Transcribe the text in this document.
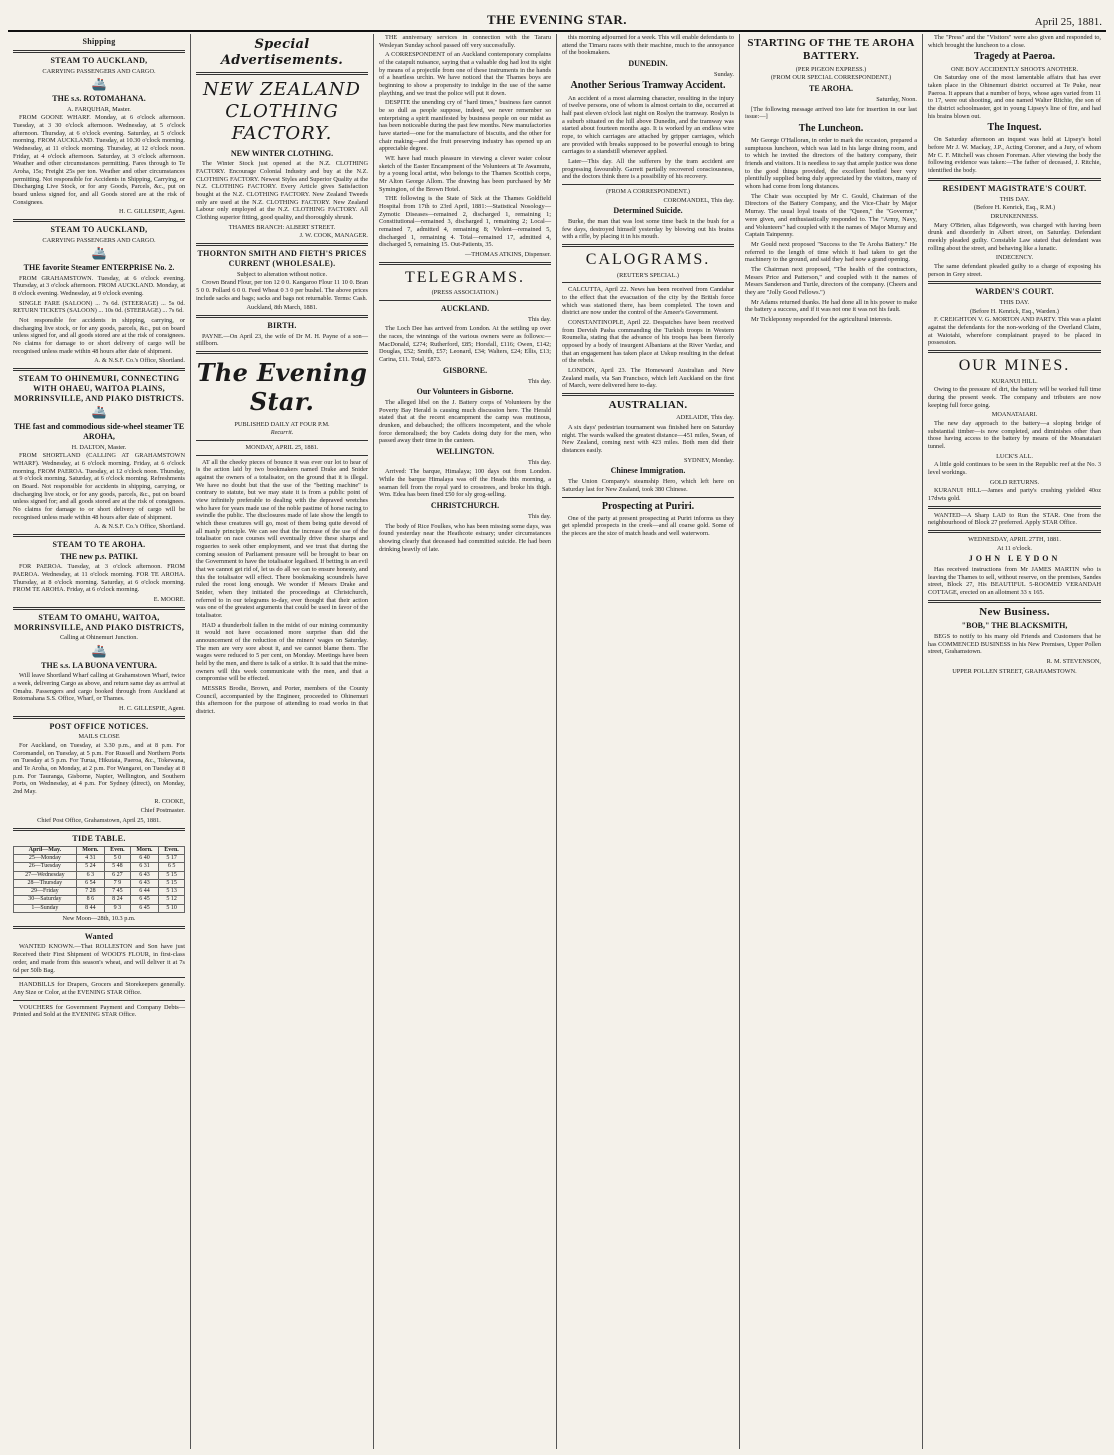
THE EVENING STAR.	April 25, 1881.
Shipping
STEAM TO AUCKLAND,
CARRYING PASSENGERS AND CARGO.
🚢
THE s.s. ROTOMAHANA.
A. FARQUHAR, Master.

FROM GOONE WHARF. Monday, at 6 o'clock afternoon. Tuesday, at 3 30 o'clock afternoon. Wednesday, at 5 o'clock afternoon. Thursday, at 6 o'clock evening. Saturday, at 5 o'clock morning. FROM AUCKLAND. Tuesday, at 10.30 o'clock morning. Wednesday, at 11 o'clock morning. Thursday, at 12 o'clock noon. Friday, at 4 o'clock afternoon. Saturday, at 3 o'clock afternoon. Weather and other circumstances permitting. Fares through to Te Aroha, 15s; Freight 25s per ton. Weather and other circumstances permitting. Not responsible for Accidents in Shipping, Carrying, or Discharging Live Stock, or for any Goods, Parcels, &c., put on board unless signed for, and all Goods stored are at the risk of Consignees.

H. C. GILLESPIE, Agent.
STEAM TO AUCKLAND,
CARRYING PASSENGERS AND CARGO.
🚢
THE favorite Steamer ENTERPRISE No. 2.

FROM GRAHAMSTOWN. Tuesday, at 6 o'clock evening. Thursday, at 3 o'clock afternoon. FROM AUCKLAND. Monday, at 8 o'clock evening. Wednesday, at 9 o'clock evening.

SINGLE FARE (SALOON) ... 7s 6d. (STEERAGE) ... 5s 0d. RETURN TICKETS (SALOON) ... 10s 0d. (STEERAGE) ... 7s 6d.

Not responsible for accidents in shipping, carrying, or discharging live stock, or for any goods, parcels, &c., put on board unless signed for, and all goods stored are at the risk of consignees. No claims for damage to or short delivery of cargo will be recognised unless made within 48 hours after date of shipment.

A. & N.S.F. Co.'s Office, Shortland.
STEAM TO OHINEMURI, CONNECTING WITH OHAEU, WAITOA PLAINS, MORRINSVILLE, AND PIAKO DISTRICTS.
🚢
THE fast and commodious side-wheel steamer TE AROHA,
H. DALTON, Master.

FROM SHORTLAND (CALLING AT GRAHAMSTOWN WHARF). Wednesday, at 6 o'clock morning. Friday, at 6 o'clock morning. FROM PAEROA. Tuesday, at 12 o'clock noon. Thursday, at 9 o'clock morning. Saturday, at 6 o'clock morning. Refreshments on Board. Not responsible for accidents in shipping, carrying, or discharging live stock, or for any goods, parcels, &c., put on board unless signed for; and all goods stored are at the risk of consignees. No claims for damage to or short delivery of cargo will be recognised unless made within 48 hours after date of shipment.

A. & N.S.F. Co.'s Office, Shortland.
STEAM TO TE AROHA.
THE new p.s. PATIKI.

FOR PAEROA. Tuesday, at 3 o'clock afternoon. FROM PAEROA. Wednesday, at 11 o'clock morning. FOR TE AROHA. Thursday, at 8 o'clock morning. Saturday, at 6 o'clock morning. FROM TE AROHA. Friday, at 6 o'clock morning.

E. MOORE.
STEAM TO OMAHU, WAITOA, MORRINSVILLE, AND PIAKO DISTRICTS,
Calling at Ohinemuri Junction.
🚢
THE s.s. LA BUONA VENTURA.

Will leave Shortland Wharf calling at Grahamstown Wharf, twice a week, delivering Cargo as above, and return same day as arrival at Omahu. Passengers and cargo booked through from Auckland at Rotomahana S.S. Office, Wharf, or Thames.

H. C. GILLESPIE, Agent.
POST OFFICE NOTICES.
MAILS CLOSE

For Auckland, on Tuesday, at 3.30 p.m., and at 8 p.m. For Coromandel, on Tuesday, at 5 p.m. For Russell and Northern Ports on Tuesday at 5 p.m. For Turua, Hikutaia, Paeroa, &c., Tokewana, and Te Aroha, on Monday, at 2 p.m. For Wangarei, on Tuesday at 8 p.m. For Tauranga, Gisborne, Napier, Wellington, and Southern Ports, on Wednesday, at 4 p.m. For Sydney (direct), on Monday, 2nd May.

R. COOKE,
Chief Postmaster.
Chief Post Office, Grahamstown, April 25, 1881.
TIDE TABLE.
April—May.	Morn.	Even.	Morn.	Even.
25—Monday	4 31	5 0	6 40	5 17
26—Tuesday	5 24	5 48	6 31	6 5
27—Wednesday	6 3	6 27	6 43	5 15
28—Thursday	6 54	7 9	6 43	5 15
29—Friday	7 28	7 45	6 44	5 13
30—Saturday	8 6	8 24	6 45	5 12
1—Sunday	8 44	9 3	6 45	5 10
New Moon—28th, 10.3 p.m.
Wanted

WANTED KNOWN.—That ROLLESTON and Son have just Received their First Shipment of WOOD'S FLOUR, in first-class order, and made from this season's wheat, and will deliver it at 7s 6d per 50lb Bag.

HANDBILLS for Drapers, Grocers and Storekeepers generally. Any Size or Color, at the EVENING STAR Office.

VOUCHERS for Government Payment and Company Debts—Printed and Sold at the EVENING STAR Office.

Special Advertisements.
NEW ZEALAND CLOTHING FACTORY.
NEW WINTER CLOTHING.

The Winter Stock just opened at the N.Z. CLOTHING FACTORY. Encourage Colonial Industry and buy at the N.Z. CLOTHING FACTORY. Newest Styles and Superior Quality at the N.Z. CLOTHING FACTORY. Every Article gives Satisfaction bought at the N.Z. CLOTHING FACTORY. New Zealand Tweeds only are used at the N.Z. CLOTHING FACTORY. New Zealand Labour only employed at the N.Z. CLOTHING FACTORY. All Clothing superior fitting, good quality, and thoroughly shrunk.

THAMES BRANCH: ALBERT STREET.
J. W. COOK, MANAGER.
THORNTON SMITH AND FIETH'S PRICES CURRENT (WHOLESALE).
Subject to alteration without notice.

Crown Brand Flour, per ton 12 0 0. Kangaroo Flour 11 10 0. Bran 5 0 0. Pollard 6 0 0. Feed Wheat 0 3 0 per bushel. The above prices include sacks and bags; sacks and bags not returnable. Terms: Cash.

Auckland, 8th March, 1881.
BIRTH.

PAYNE.—On April 23, the wife of Dr M. H. Payne of a son—stillborn.

The Evening Star.
PUBLISHED DAILY AT FOUR P.M.
Recurrit.
MONDAY, APRIL 25, 1881.

AT all the cheeky pieces of bounce it was ever our lot to hear of is the action laid by two bookmakers named Drake and Snider against the owners of a totalisator, on the ground that it is illegal. We have no doubt but that the use of the "betting machine" is contrary to statute, but we may state it is from a public point of view infinitely preferable to dealing with the depraved wretches who have for years made use of the noble pastime of horse racing to swindle the public. The disclosures made of late show the length to which these creatures will go, most of them being quite devoid of all manly principle. We can see that the increase of the use of the totalisator on race courses will eventually drive these sharps and rogueries to seek other employment, and we trust that during the coming session of Parliament pressure will be brought to bear on the Government to have the totalisator legalised. If betting is an evil that we cannot get rid of, let us do all we can to ensure honesty, and this the totalisator will effect. There bookmaking scoundrels have ruled the roost long enough. We wonder if Messrs Drake and Snider, when they initiated the proceedings at Christchurch, referred to in our telegrams to-day, ever thought that their action was one of the greatest arguments that could be used in favor of the totalisator.

HAD a thunderbolt fallen in the midst of our mining community it would not have occasioned more surprise than did the announcement of the reduction of the miners' wages on Saturday. The men are very sore about it, and we cannot blame them. The wages were reduced to 5 per cent, on Monday. Meetings have been held by the men, and there is talk of a strike. It is said that the mine-owners will this week communicate with the men, and that a compromise will be effected.

MESSRS Brodie, Brown, and Porter, members of the County Council, accompanied by the Engineer, proceeded to Ohinemuri this afternoon for the purpose of attending to road works in that district.

THE anniversary services in connection with the Tararu Wesleyan Sunday school passed off very successfully.

A CORRESPONDENT of an Auckland contemporary complains of the catapult nuisance, saying that a valuable dog had lost its sight by means of a projectile from one of these instruments in the hands of a heartless urchin. We have noticed that the Thames boys are beginning to show a propensity to indulge in the use of the same plaything, and we trust the police will put it down.

DESPITE the unending cry of "hard times," business fare cannot be so dull as people suppose, indeed, we never remember so enterprising a spirit manifested by business people on our midst as has been noticeable during the past few months. New manufactories have started—one for the manufacture of biscuits, and the other for chair making—and the fruit preserving industry has opened up an appreciable degree.

WE have had much pleasure in viewing a clever water colour sketch of the Easter Encampment of the Volunteers at Te Awamutu, by a young local artist, who belongs to the Thames Scottish corps, Mr Alton George Allom. The drawing has been purchased by Mr Symington, of the Brown Hotel.

THE following is the State of Sick at the Thames Goldfield Hospital from 17th to 23rd April, 1881:—Statistical Nosology—Zymotic Diseases—remained 2, discharged 1, remaining 1; Constitutional—remained 3, discharged 1, remaining 2; Local—remained 7, admitted 4, remaining 8; Violent—remained 5, discharged 1, remaining 4. Total—remained 17, admitted 4, discharged 5, remaining 15. Out-Patients, 35.

—THOMAS ATKINS, Dispenser.
TELEGRAMS.
(PRESS ASSOCIATION.)
AUCKLAND.
This day.

The Loch Dee has arrived from London. At the settling up over the races, the winnings of the various owners were as follows:—MacDonald, £274; Rutherford, £85; Horsfall, £116; Owen, £142; Douglas, £52; Smith, £57; Leonard, £34; Walters, £24; Ellis, £13; Carina, £11. Total, £873.

GISBORNE.
This day.
Our Volunteers in Gisborne.

The alleged libel on the J. Battery corps of Volunteers by the Poverty Bay Herald is causing much discussion here. The Herald stated that at the recent encampment the camp was mutinous, drunken, and debauched; the officers incompetent, and the whole force demoralised; the boy Cadets doing duty for the men, who passed away their time in the canteen.

WELLINGTON.
This day.

Arrived: The barque, Himalaya; 100 days out from London. While the barque Himalaya was off the Heads this morning, a seaman fell from the royal yard to crosstrees, and broke his thigh. Wm. Edea has been fined £50 for sly grog-selling.

CHRISTCHURCH.
This day.

The body of Rice Foulkes, who has been missing some days, was found yesterday near the Heathcote estuary; under circumstances showing clearly that deceased had committed suicide. He had been drinking heavily of late.

this morning adjourned for a week. This will enable defendants to attend the Timaru races with their machine, much to the annoyance of the bookmakers.

DUNEDIN.
Sunday.
Another Serious Tramway Accident.

An accident of a most alarming character, resulting in the injury of twelve persons, one of whom is almost certain to die, occurred at half past eleven o'clock last night on Roslyn the tramway. Roslyn is a suburb situated on the hill above Dunedin, and the tramway was started about fourteen months ago. It is worked by an endless wire rope, to which carriages are attached by gripper carriages, which are provided with breaks supposed to be powerful enough to bring carriages to a standstill whenever applied.

Later—This day. All the sufferers by the tram accident are progressing favourably. Garrett partially recovered consciousness, and the doctors think there is a possibility of his recovery.

(FROM A CORRESPONDENT.)
COROMANDEL, This day.
Determined Suicide.

Burke, the man that was lost some time back in the bush for a few days, destroyed himself yesterday by blowing out his brains with a rifle, by placing it in his mouth.

CALOGRAMS.
(REUTER'S SPECIAL.)

CALCUTTA, April 22. News has been received from Candahar to the effect that the evacuation of the city by the British force which was stationed there, has been completed. The town and district are now under the control of the Ameer's Government.

CONSTANTINOPLE, April 22. Despatches have been received from Dervish Pasha commanding the Turkish troops in Western Roumelia, stating that the advance of his troops has been fiercely opposed by a body of insurgent Albanians at the River Vardar, and that an engagement has taken place at Uskup resulting in the defeat of the rebels.

LONDON, April 23. The Homeward Australian and New Zealand mails, via San Francisco, which left Auckland on the first of March, were delivered here to-day.

AUSTRALIAN.
ADELAIDE, This day.

A six days' pedestrian tournament was finished here on Saturday night. The wards walked the greatest distance—451 miles, Swan, of New Zealand, coming next with 423 miles. Both men did their distances easily.

SYDNEY, Monday.
Chinese Immigration.

The Union Company's steamship Hero, which left here on Saturday last for New Zealand, took 380 Chinese.

Prospecting at Puriri.

One of the party at present prospecting at Puriri informs us they get splendid prospects in the creek—and all coarse gold. Some of the pieces are the size of match heads and well waterworn.

STARTING OF THE TE AROHA BATTERY.
(PER PIGEON EXPRESS.)
(FROM OUR SPECIAL CORRESPONDENT.)
TE AROHA.
Saturday, Noon.

[The following message arrived too late for insertion in our last issue:—]

The Luncheon.

Mr George O'Halloran, in order to mark the occasion, prepared a sumptuous luncheon, which was laid in his large dining room, and to which he invited the directors of the battery company, their friends and visitors. It is needless to say that ample justice was done to the good things provided, the excellent bottled beer very plentifully supplied being duly appreciated by the visitors, many of whom had come from long distances.

The Chair was occupied by Mr C. Gould, Chairman of the Directors of the Battery Company, and the Vice-Chair by Major Murray. The usual loyal toasts of the "Queen," the "Governor," were given, and enthusiastically responded to. The "Army, Navy, and Volunteers" had coupled with it the names of Major Murray and Captain Tainpenny.

Mr Gould next proposed "Success to the Te Aroha Battery." He referred to the length of time which it had taken to get the machinery to the ground, and said they had now a grand opening.

The Chairman next proposed, "The health of the contractors, Messrs Price and Patterson," and coupled with it the names of Messrs Sanderson and Turtle, directors of the company. (Cheers and they are "Jolly Good Fellows.")

Mr Adams returned thanks. He had done all in his power to make the battery a success, and if it was not one it was not his fault.

Mr Tickleponny responded for the agricultural interests.

The "Press" and the "Visitors" were also given and responded to, which brought the luncheon to a close.

Tragedy at Paeroa.
ONE BOY ACCIDENTLY SHOOTS ANOTHER.

On Saturday one of the most lamentable affairs that has ever taken place in the Ohinemuri district occurred at Te Puke, near Paeroa. It appears that a number of boys, whose ages varied from 11 to 17, were out shooting, and one named Walter Ritchie, the son of the district schoolmaster, got in young Lipsey's line of fire, and had his brains blown out.

The Inquest.

On Saturday afternoon an inquest was held at Lipsey's hotel before Mr J. W. Mackay, J.P., Acting Coroner, and a Jury, of whom Mr C. F. Mitchell was chosen Foreman. After viewing the body the following evidence was taken:—The father of deceased, J. Ritchie, identified the body.

RESIDENT MAGISTRATE'S COURT.
THIS DAY.
(Before H. Kenrick, Esq., R.M.)
DRUNKENNESS.

Mary O'Brien, alias Edgeworth, was charged with having been drunk and disorderly in Albert street, on Saturday. Defendant meekly pleaded guilty. Constable Law stated that defendant was rolling about the street, and behaving like a lunatic.

INDECENCY.

The same defendant pleaded guilty to a charge of exposing his person in Grey street.

WARDEN'S COURT.
THIS DAY.
(Before H. Kenrick, Esq., Warden.)

F. CREIGHTON V. G. MORTON AND PARTY. This was a plaint against the defendants for the non-working of the Overland Claim, at Waiotahi, wherefore complainant prayed to be placed in possession.

OUR MINES.
KURANUI HILL.

Owing to the pressure of dirt, the battery will be worked full time during the present week. The company and tributers are now keeping full force going.

MOANATAIARI.

The new day approach to the battery—a sloping bridge of substantial timber—is now completed, and diminishes other than those having access to the battery by means of the Moanataiari tunnel.

LUCK'S ALL.

A little gold continues to be seen in the Republic reef at the No. 3 level workings.

GOLD RETURNS.

KURANUI HILL—James and party's crushing yielded 40oz 17dwts gold.

WANTED—A Sharp LAD to Run the STAR. One from the neighbourhood of Block 27 preferred. Apply STAR Office.

WEDNESDAY, APRIL 27TH, 1881.
At 11 o'clock.
JOHN LEYDON

Has received instructions from Mr JAMES MARTIN who is leaving the Thames to sell, without reserve, on the premises, Sandes street, Block 27, His BEAUTIFUL 5-ROOMED VERANDAH COTTAGE, erected on an allotment 33 x 165.

New Business.
"BOB," THE BLACKSMITH,

BEGS to notify to his many old Friends and Customers that he has COMMENCED BUSINESS in his New Premises, Upper Pollen street, Grahamstown.

R. M. STEVENSON,
UPPER POLLEN STREET, GRAHAMSTOWN.
